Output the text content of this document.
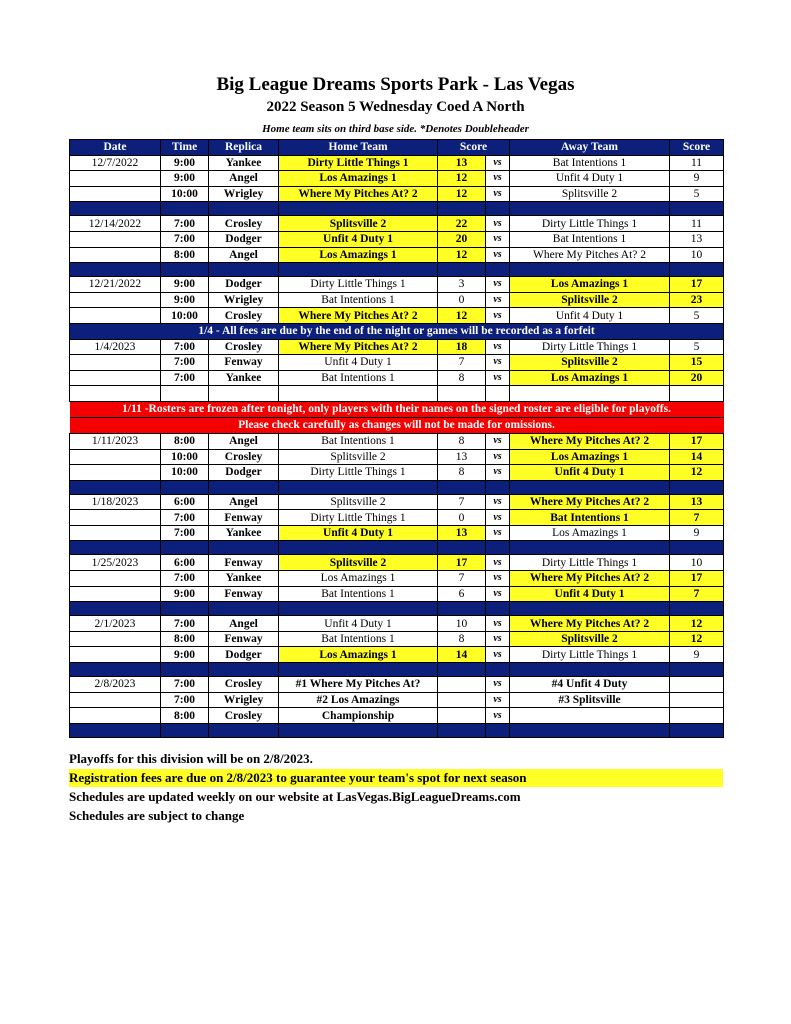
Big League Dreams Sports Park - Las Vegas
2022 Season 5 Wednesday Coed A North
Home team sits on third base side. *Denotes Doubleheader
Date	Time	Replica	Home Team	Score		Away Team	Score
12/7/2022	9:00	Yankee	Dirty Little Things 1	13	vs	Bat Intentions 1	11
	9:00	Angel	Los Amazings 1	12	vs	Unfit 4 Duty 1	9
	10:00	Wrigley	Where My Pitches At? 2	12	vs	Splitsville 2	5

12/14/2022	7:00	Crosley	Splitsville 2	22	vs	Dirty Little Things 1	11
	7:00	Dodger	Unfit 4 Duty 1	20	vs	Bat Intentions 1	13
	8:00	Angel	Los Amazings 1	12	vs	Where My Pitches At? 2	10

12/21/2022	9:00	Dodger	Dirty Little Things 1	3	vs	Los Amazings 1	17
	9:00	Wrigley	Bat Intentions 1	0	vs	Splitsville 2	23
	10:00	Crosley	Where My Pitches At? 2	12	vs	Unfit 4 Duty 1	5
1/4 - All fees are due by the end of the night or games will be recorded as a forfeit							
1/4/2023	7:00	Crosley	Where My Pitches At? 2	18	vs	Dirty Little Things 1	5
	7:00	Fenway	Unfit 4 Duty 1	7	vs	Splitsville 2	15
	7:00	Yankee	Bat Intentions 1	8	vs	Los Amazings 1	20

1/11 -Rosters are frozen after tonight, only players with their names on the signed roster are eligible for playoffs.							
Please check carefully as changes will not be made for omissions.							
1/11/2023	8:00	Angel	Bat Intentions 1	8	vs	Where My Pitches At? 2	17
	10:00	Crosley	Splitsville 2	13	vs	Los Amazings 1	14
	10:00	Dodger	Dirty Little Things 1	8	vs	Unfit 4 Duty 1	12

1/18/2023	6:00	Angel	Splitsville 2	7	vs	Where My Pitches At? 2	13
	7:00	Fenway	Dirty Little Things 1	0	vs	Bat Intentions 1	7
	7:00	Yankee	Unfit 4 Duty 1	13	vs	Los Amazings 1	9

1/25/2023	6:00	Fenway	Splitsville 2	17	vs	Dirty Little Things 1	10
	7:00	Yankee	Los Amazings 1	7	vs	Where My Pitches At? 2	17
	9:00	Fenway	Bat Intentions 1	6	vs	Unfit 4 Duty 1	7

2/1/2023	7:00	Angel	Unfit 4 Duty 1	10	vs	Where My Pitches At? 2	12
	8:00	Fenway	Bat Intentions 1	8	vs	Splitsville 2	12
	9:00	Dodger	Los Amazings 1	14	vs	Dirty Little Things 1	9

2/8/2023	7:00	Crosley	#1 Where My Pitches At?		vs	#4 Unfit 4 Duty	
	7:00	Wrigley	#2 Los Amazings		vs	#3 Splitsville	
	8:00	Crosley	Championship		vs		

Playoffs for this division will be on 2/8/2023.
Registration fees are due on 2/8/2023 to guarantee your team's spot for next season
Schedules are updated weekly on our website at LasVegas.BigLeagueDreams.com
Schedules are subject to change
